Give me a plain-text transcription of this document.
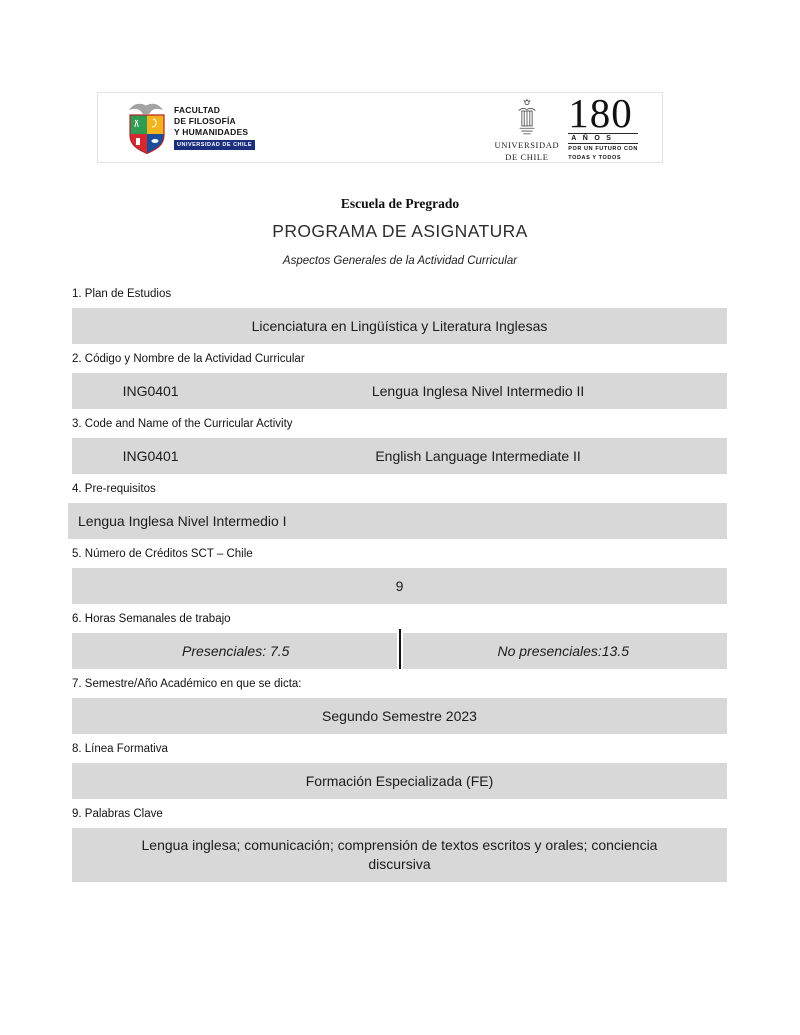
FACULTAD
DE FILOSOFÍA
Y HUMANIDADES
UNIVERSIDAD DE CHILE	UNIVERSIDAD
DE CHILE
180
AÑOS
POR UN FUTURO CON
TODAS Y TODOS
Escuela de Pregrado
PROGRAMA DE ASIGNATURA
Aspectos Generales de la Actividad Curricular
1. Plan de Estudios
Licenciatura en Lingüística y Literatura Inglesas
2. Código y Nombre de la Actividad Curricular
ING0401	Lengua Inglesa Nivel Intermedio II
3. Code and Name of the Curricular Activity
ING0401	English Language Intermediate II
4. Pre-requisitos
Lengua Inglesa Nivel Intermedio I
5. Número de Créditos SCT – Chile
9
6. Horas Semanales de trabajo
Presenciales: 7.5	No presenciales:13.5
7. Semestre/Año Académico en que se dicta:
Segundo Semestre 2023
8. Línea Formativa
Formación Especializada (FE)
9. Palabras Clave
Lengua inglesa; comunicación; comprensión de textos escritos y orales; conciencia discursiva
